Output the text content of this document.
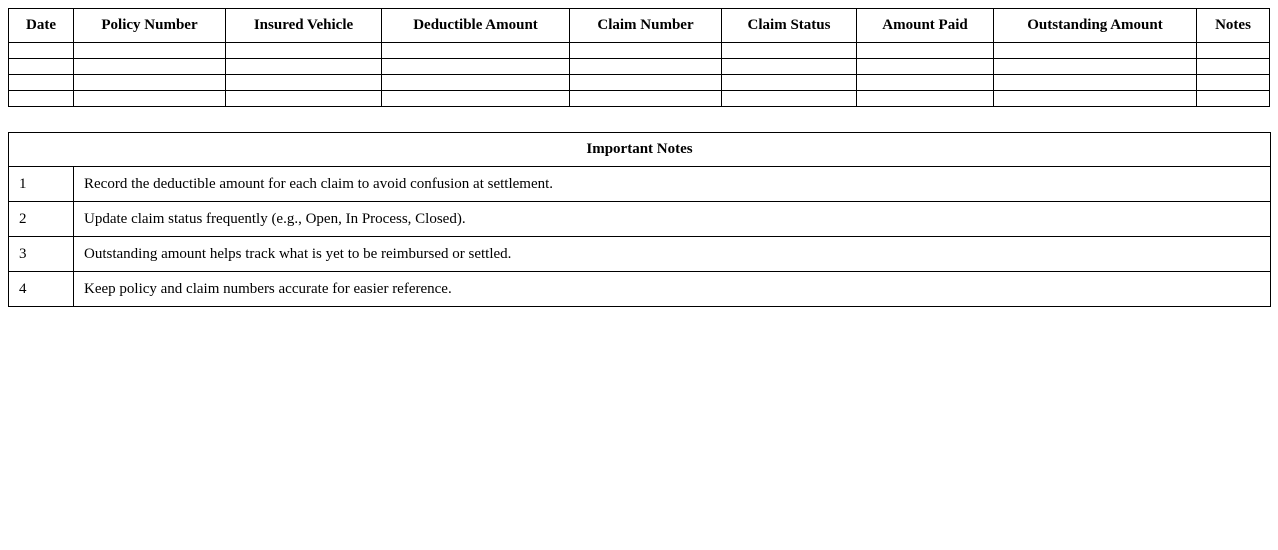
Date	Policy Number	Insured Vehicle	Deductible Amount	Claim Number	Claim Status	Amount Paid	Outstanding Amount	Notes

Important Notes	
1	Record the deductible amount for each claim to avoid confusion at settlement.
2	Update claim status frequently (e.g., Open, In Process, Closed).
3	Outstanding amount helps track what is yet to be reimbursed or settled.
4	Keep policy and claim numbers accurate for easier reference.
